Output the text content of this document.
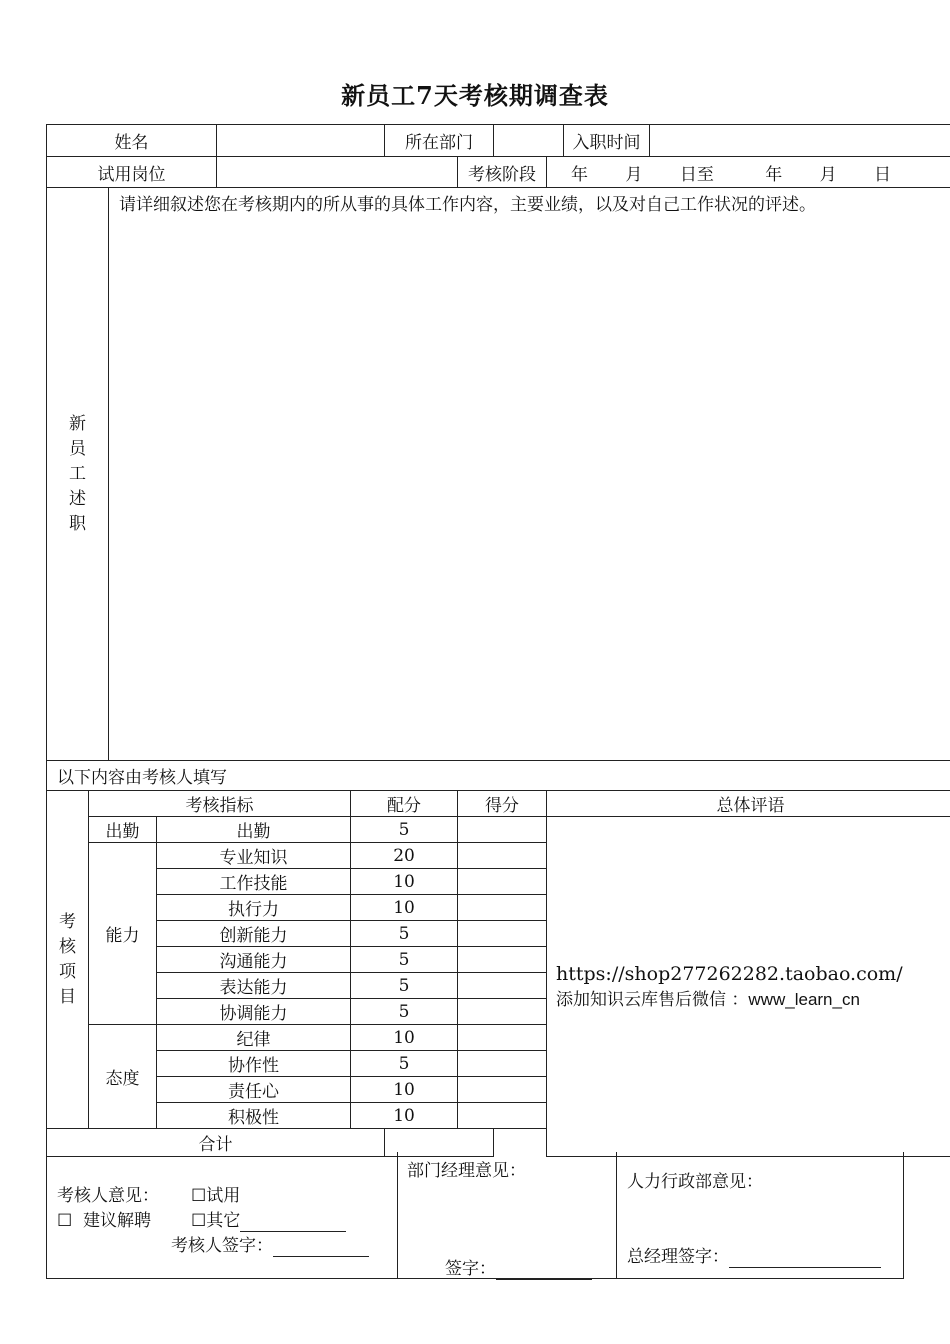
新员工7天考核期调查表
姓名						所在部门				入职时间	
试用岗位							考核阶段		年 月 日至 年 月 日		

新员工述职		请详细叙述您在考核期内的所从事的具体工作内容，主要业绩，以及对自己工作状况的评述。									
以下内容由考核人填写											

考核项目	考核指标				配分		得分		总体评语		
	出勤		出勤		5				https://shop277262282.taobao.com/
添加知识云库售后微信 ：www_learn_cn		

	能力		专业知识		20						
			工作技能		10						
			执行力		10						
			创新能力		5						
			沟通能力		5						
			表达能力		5						
			协调能力		5						
	态度		纪律		10						
			协作性		5						
			责任心		10						
			积极性		10						
合计											
考核人意见： ☐试用
☐ 建议解聘 ☐其它
考核人签字：
部门经理意见：
签字：
人力行政部意见：
总经理签字：
